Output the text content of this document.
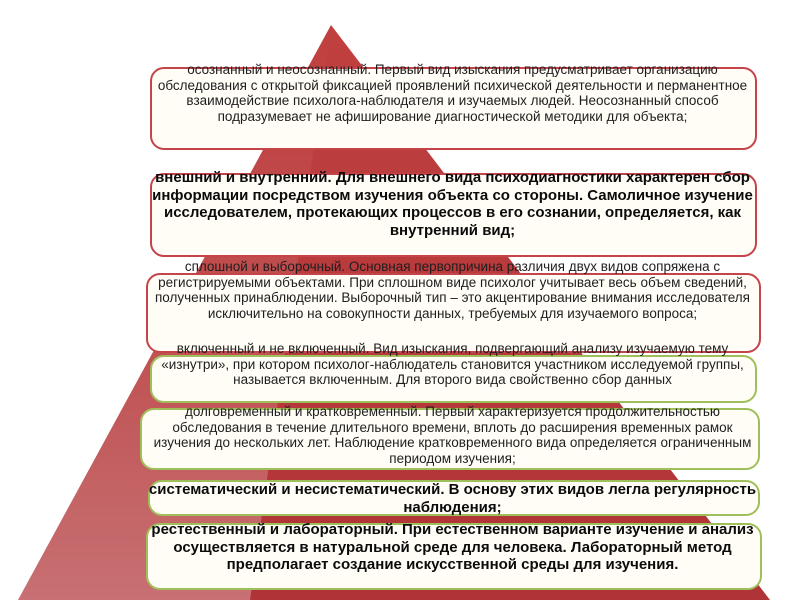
осознанный и неосознанный. Первый вид изыскания предусматривает организацию обследования с открытой фиксацией проявлений психической деятельности и перманентное взаимодействие психолога-наблюдателя и изучаемых людей. Неосознанный способ подразумевает не афиширование диагностической методики для объекта;
внешний и внутренний. Для внешнего вида психодиагностики характерен сбор информации посредством изучения объекта со стороны. Самоличное изучение исследователем, протекающих процессов в его сознании, определяется, как внутренний вид;
сплошной и выборочный. Основная первопричина различия двух видов сопряжена с регистрируемыми объектами. При сплошном виде психолог учитывает весь объем сведений, полученных принаблюдении. Выборочный тип – это акцентирование внимания исследователя исключительно на совокупности данных, требуемых для изучаемого вопроса;
включенный и не включенный. Вид изыскания, подвергающий анализу изучаемую тему «изнутри», при котором психолог-наблюдатель становится участником исследуемой группы, называется включенным. Для второго вида свойственно сбор данных
долговременный и кратковременный. Первый характеризуется продолжительностью обследования в течение длительного времени, вплоть до расширения временных рамок изучения до нескольких лет. Наблюдение кратковременного вида определяется ограниченным периодом изучения;
систематический и несистематический. В основу этих видов легла регулярность наблюдения;
рестественный и лабораторный. При естественном варианте изучение и анализ осуществляется в натуральной среде для человека. Лабораторный метод предполагает создание искусственной среды для изучения.
